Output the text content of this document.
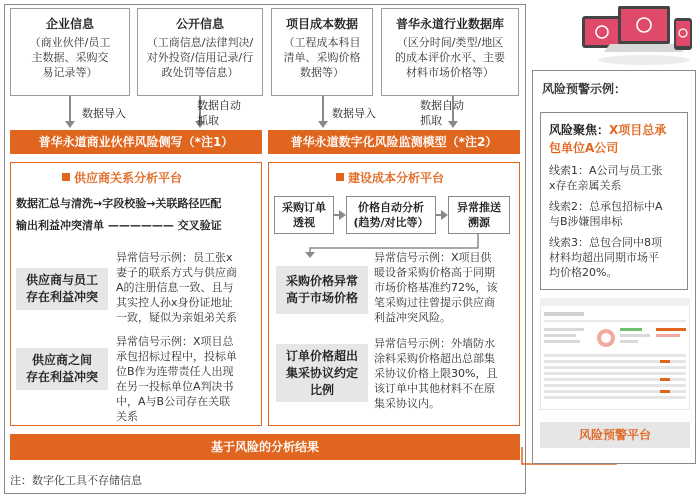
企业信息
（商业伙伴/员工
主数据、采购交
易记录等）
公开信息
（工商信息/法律判决/
对外投资/信用记录/行
政处罚等信息）
项目成本数据
（工程成本科目
清单、采购价格
数据等）
普华永道行业数据库
（区分时间/类型/地区
的成本评价水平、主要
材料市场价格等）
数据导入
数据自动
抓取
数据导入
数据自动
抓取
普华永道商业伙伴风险侧写（*注1）	普华永道数字化风险监测模型（*注2）
供应商关系分析平台
数据汇总与清洗→字段校验→关联路径匹配
输出利益冲突清单 —————— 交叉验证
供应商与员工
存在利益冲突
异常信号示例：员工张x
妻子的联系方式与供应商
A的注册信息一致、且与
其实控人孙x身份证地址
一致，疑似为亲姐弟关系
供应商之间
存在利益冲突
异常信号示例：X项目总
承包招标过程中，投标单
位B作为连带责任人出现
在另一投标单位A判决书
中，A与B公司存在关联
关系
建设成本分析平台
采购订单
透视
价格自动分析
(趋势/对比等）
异常推送
溯源
采购价格异常
高于市场价格
异常信号示例：X项目供
暖设备采购价格高于同期
市场价格基准约72%，该
笔采购过往曾提示供应商
利益冲突风险。
订单价格超出
集采协议约定
比例
异常信号示例：外墙防水
涂料采购价格超出总部集
采协议价格上限30%，且
该订单中其他材料不在原
集采协议内。
基于风险的分析结果
注：数字化工具不存储信息
风险预警示例：
风险聚焦：X项目总承
包单位A公司
线索1：A公司与员工张
x存在亲属关系
线索2：总承包招标中A
与B涉嫌围串标
线索3：总包合同中8项
材料均超出同期市场平
均价格20%。
风险预警平台
